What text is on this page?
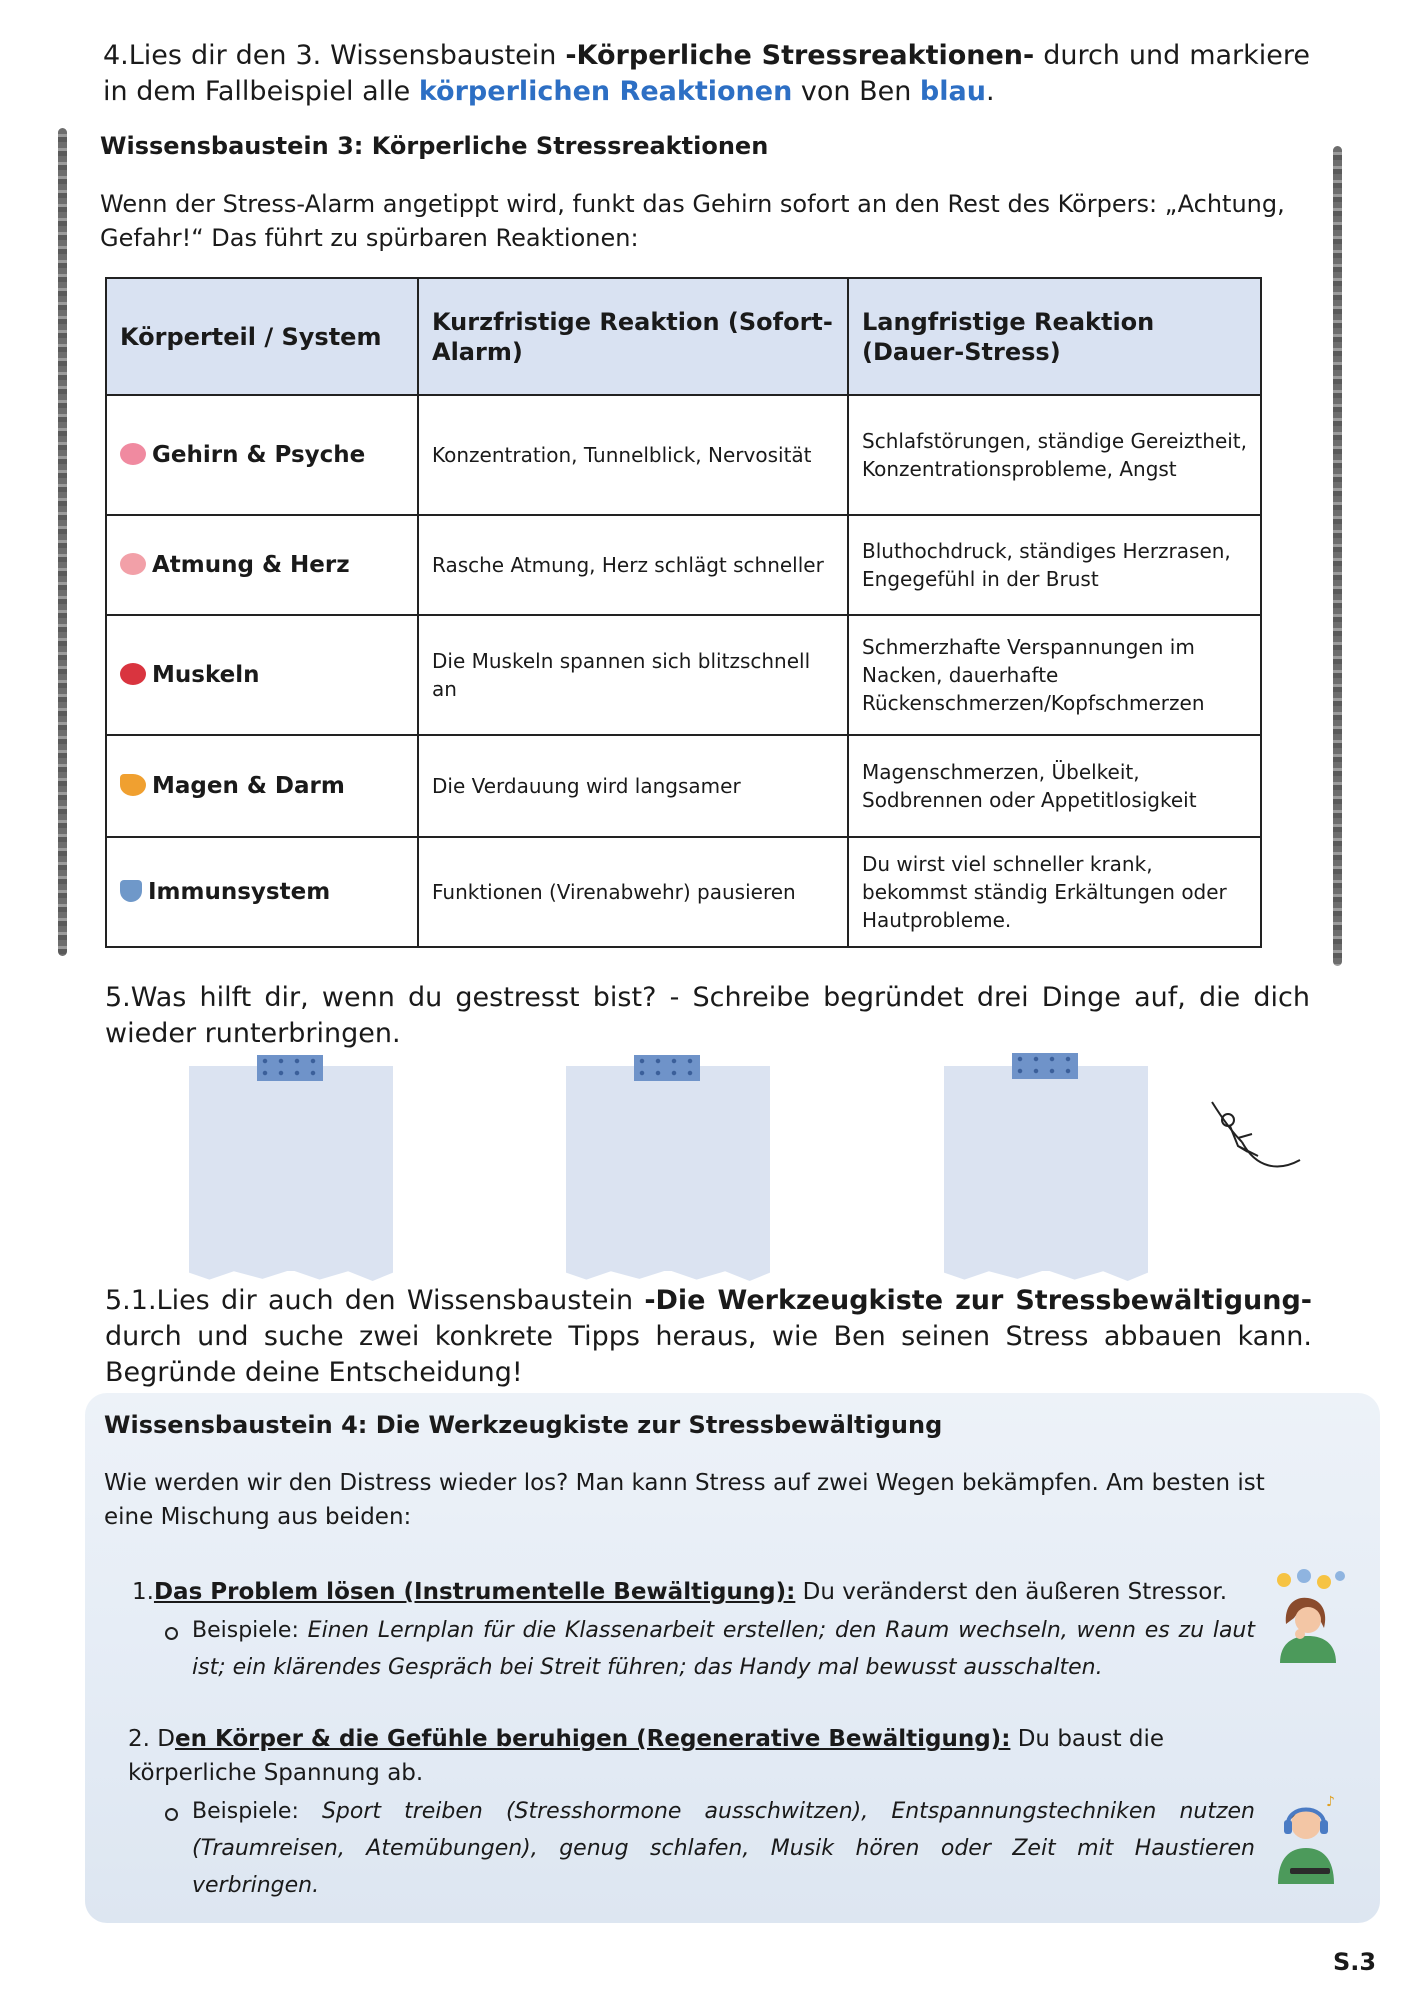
4.Lies dir den 3. Wissensbaustein -Körperliche Stressreaktionen- durch und markiere in dem Fallbeispiel alle körperlichen Reaktionen von Ben blau.
Wissensbaustein 3: Körperliche Stressreaktionen
Wenn der Stress-Alarm angetippt wird, funkt das Gehirn sofort an den Rest des Körpers: „Achtung, Gefahr!“ Das führt zu spürbaren Reaktionen:
Körperteil / System	Kurzfristige Reaktion (Sofort-Alarm)	Langfristige Reaktion (Dauer-Stress)
Gehirn & Psyche	Konzentration, Tunnelblick, Nervosität	Schlafstörungen, ständige Gereiztheit, Konzentrationsprobleme, Angst
Atmung & Herz	Rasche Atmung, Herz schlägt schneller	Bluthochdruck, ständiges Herzrasen, Engegefühl in der Brust
Muskeln	Die Muskeln spannen sich blitzschnell an	Schmerzhafte Verspannungen im Nacken, dauerhafte Rückenschmerzen/Kopfschmerzen
Magen & Darm	Die Verdauung wird langsamer	Magenschmerzen, Übelkeit, Sodbrennen oder Appetitlosigkeit
Immunsystem	Funktionen (Virenabwehr) pausieren	Du wirst viel schneller krank, bekommst ständig Erkältungen oder Hautprobleme.
5.Was hilft dir, wenn du gestresst bist? - Schreibe begründet drei Dinge auf, die dich wieder runterbringen.
5.1.Lies dir auch den Wissensbaustein -Die Werkzeugkiste zur Stressbewältigung- durch und suche zwei konkrete Tipps heraus, wie Ben seinen Stress abbauen kann. Begründe deine Entscheidung!
Wissensbaustein 4: Die Werkzeugkiste zur Stressbewältigung
Wie werden wir den Distress wieder los? Man kann Stress auf zwei Wegen bekämpfen. Am besten ist eine Mischung aus beiden:
1.Das Problem lösen (Instrumentelle Bewältigung): Du veränderst den äußeren Stressor.
Beispiele: Einen Lernplan für die Klassenarbeit erstellen; den Raum wechseln, wenn es zu laut ist; ein klärendes Gespräch bei Streit führen; das Handy mal bewusst ausschalten.
2. Den Körper & die Gefühle beruhigen (Regenerative Bewältigung): Du baust die körperliche Spannung ab.
Beispiele: Sport treiben (Stresshormone ausschwitzen), Entspannungstechniken nutzen (Traumreisen, Atemübungen), genug schlafen, Musik hören oder Zeit mit Haustieren verbringen.
♪
S.3
